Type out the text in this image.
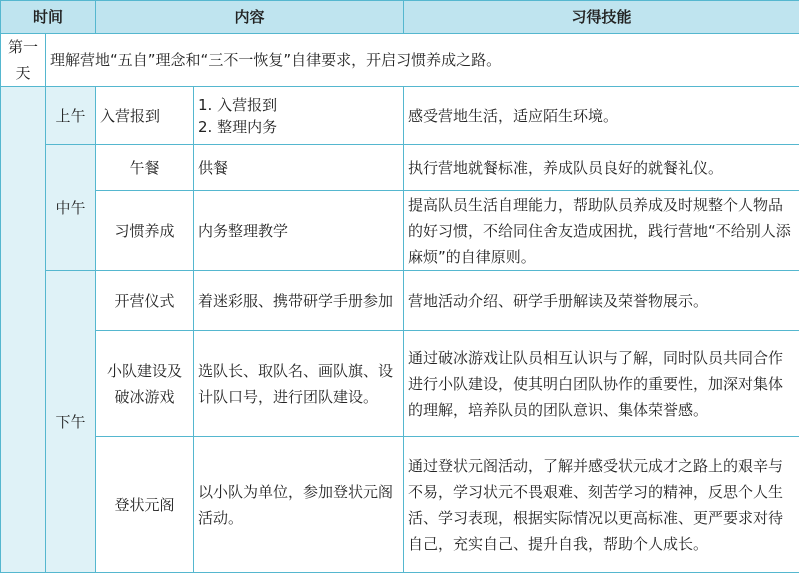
时间		内容		习得技能
第一天	理解营地“五自”理念和“三不一恢复”自律要求，开启习惯养成之路。			
	上午	入营报到	1. 入营报到
2. 整理内务	感受营地生活，适应陌生环境。
	中午	午餐	供餐	执行营地就餐标准，养成队员良好的就餐礼仪。
		习惯养成	内务整理教学	提高队员生活自理能力，帮助队员养成及时规整个人物品的好习惯，不给同住舍友造成困扰，践行营地“不给别人添麻烦”的自律原则。
	下午	开营仪式	着迷彩服、携带研学手册参加	营地活动介绍、研学手册解读及荣誉物展示。
		小队建设及破冰游戏	选队长、取队名、画队旗、设计队口号，进行团队建设。	通过破冰游戏让队员相互认识与了解，同时队员共同合作进行小队建设，使其明白团队协作的重要性，加深对集体的理解，培养队员的团队意识、集体荣誉感。
		登状元阁	以小队为单位，参加登状元阁活动。	通过登状元阁活动，了解并感受状元成才之路上的艰辛与不易，学习状元不畏艰难、刻苦学习的精神，反思个人生活、学习表现，根据实际情况以更高标准、更严要求对待自己，充实自己、提升自我，帮助个人成长。
